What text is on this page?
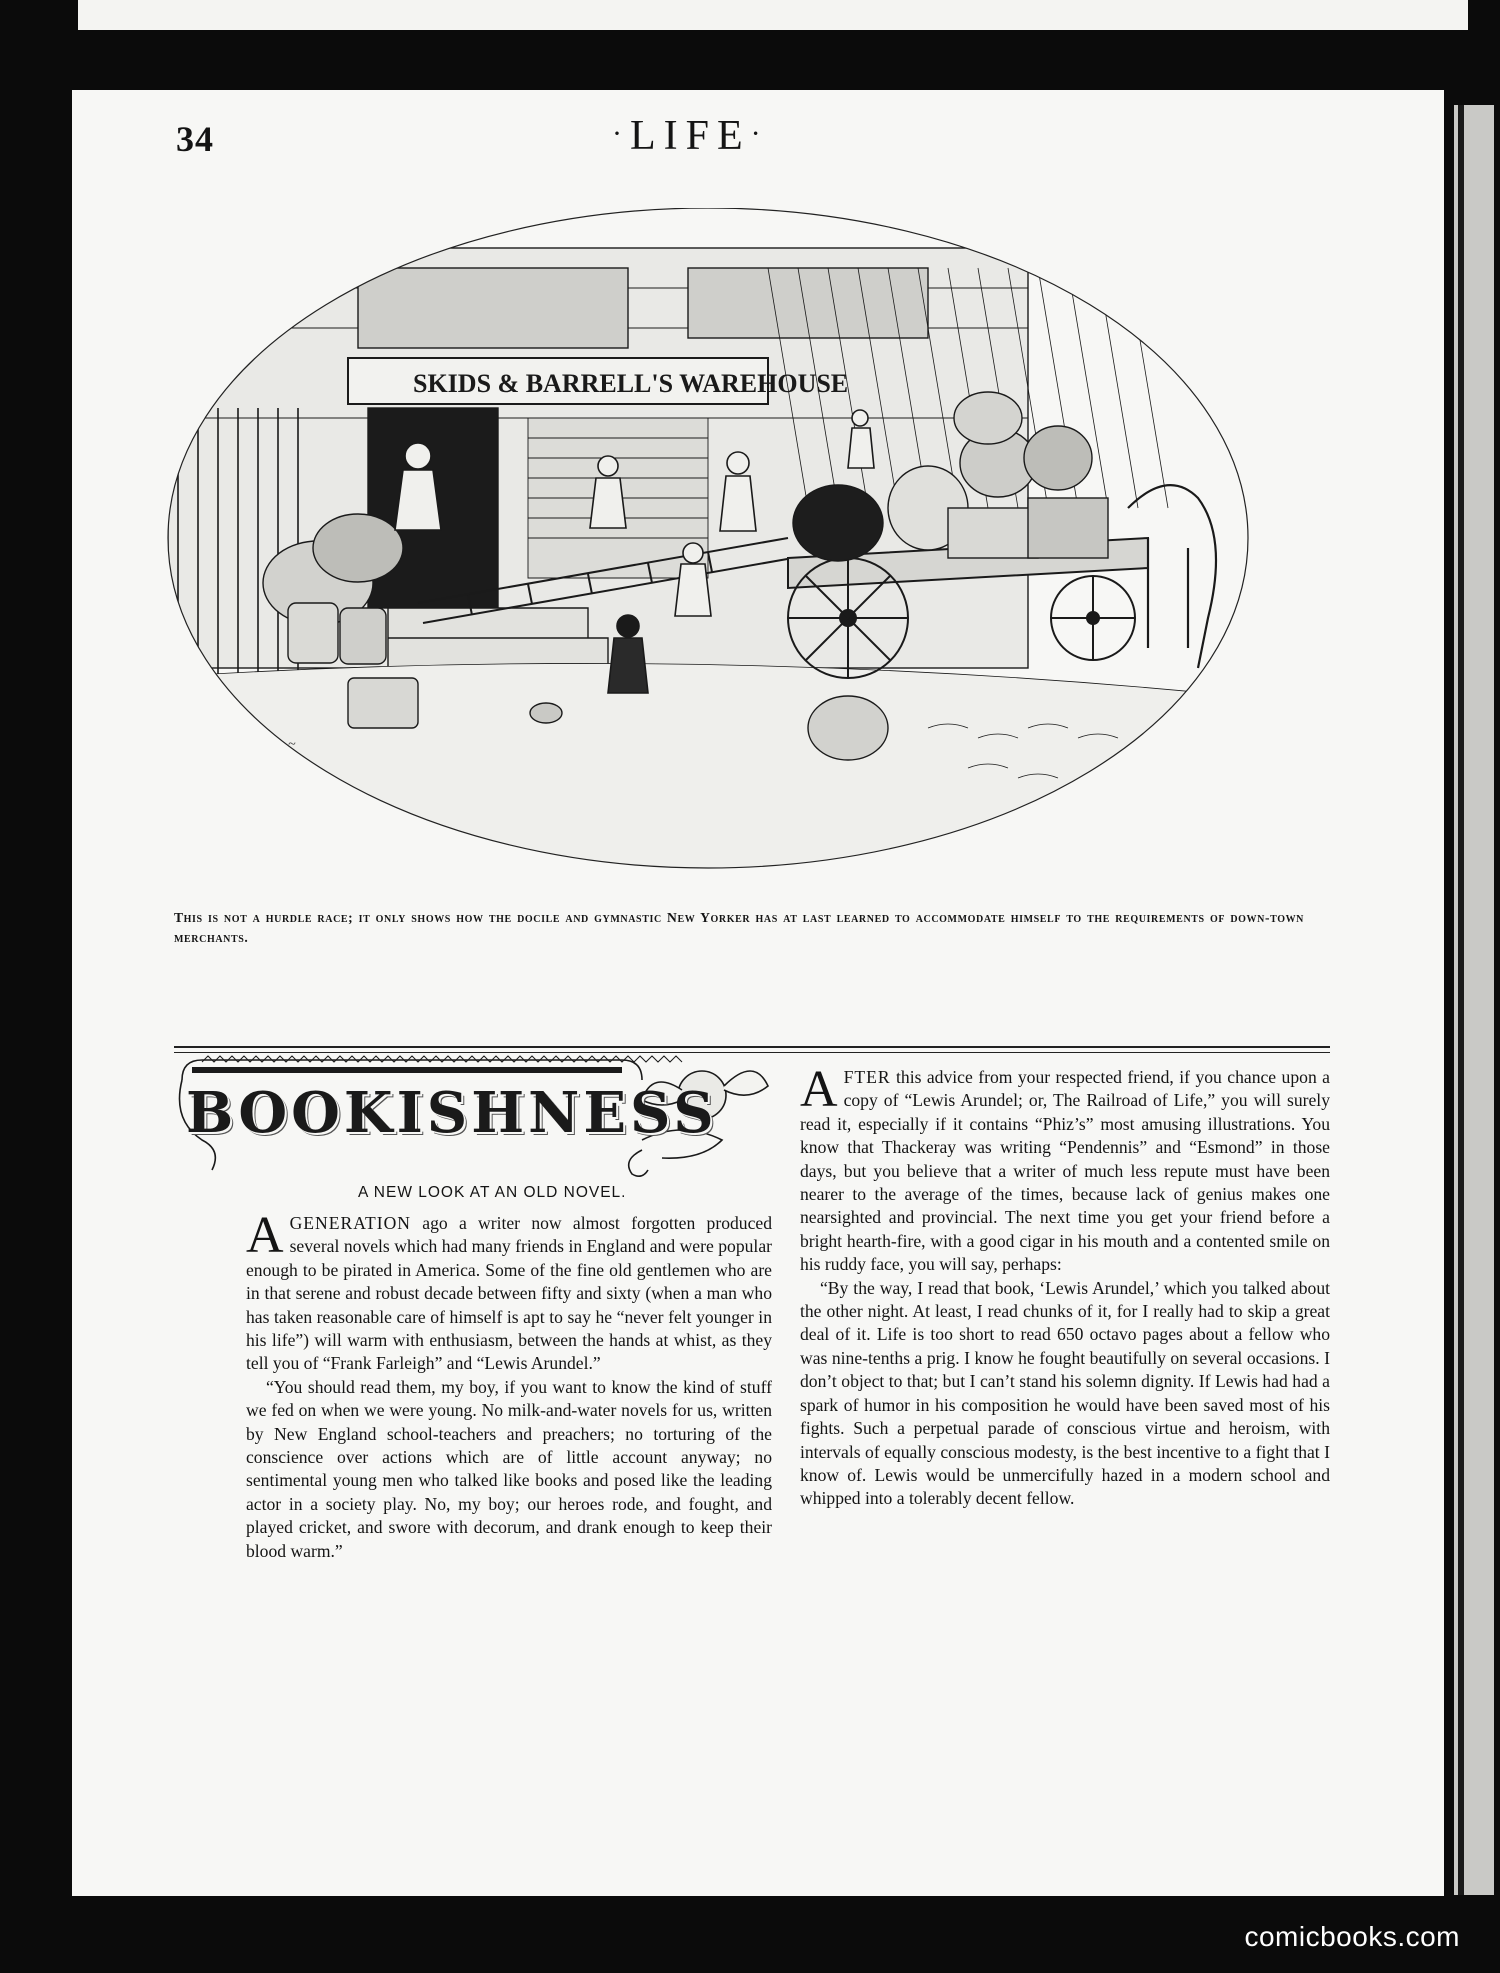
34	·LIFE·
SKIDS & BARRELL'S WAREHOUSE
~
This is not a hurdle race; it only shows how the docile and gymnastic New Yorker has at last learned to accommodate himself to the requirements of down-town merchants.
BOOKISHNESS
A NEW LOOK AT AN OLD NOVEL.

AGENERATION ago a writer now almost forgotten produced several novels which had many friends in England and were popular enough to be pirated in America. Some of the fine old gentlemen who are in that serene and robust decade between fifty and sixty (when a man who has taken reasonable care of himself is apt to say he “never felt younger in his life”) will warm with enthusiasm, between the hands at whist, as they tell you of “Frank Farleigh” and “Lewis Arundel.”

“You should read them, my boy, if you want to know the kind of stuff we fed on when we were young. No milk-and-water novels for us, written by New England school-teachers and preachers; no torturing of the conscience over actions which are of little account anyway; no sentimental young men who talked like books and posed like the leading actor in a society play. No, my boy; our heroes rode, and fought, and played cricket, and swore with decorum, and drank enough to keep their blood warm.”

AFTER this advice from your respected friend, if you chance upon a copy of “Lewis Arundel; or, The Railroad of Life,” you will surely read it, especially if it contains “Phiz’s” most amusing illustrations. You know that Thackeray was writing “Pendennis” and “Esmond” in those days, but you believe that a writer of much less repute must have been nearer to the average of the times, because lack of genius makes one nearsighted and provincial. The next time you get your friend before a bright hearth-fire, with a good cigar in his mouth and a contented smile on his ruddy face, you will say, perhaps:

“By the way, I read that book, ‘Lewis Arundel,’ which you talked about the other night. At least, I read chunks of it, for I really had to skip a great deal of it. Life is too short to read 650 octavo pages about a fellow who was nine-tenths a prig. I know he fought beautifully on several occasions. I don’t object to that; but I can’t stand his solemn dignity. If Lewis had had a spark of humor in his composition he would have been saved most of his fights. Such a perpetual parade of conscious virtue and heroism, with intervals of equally conscious modesty, is the best incentive to a fight that I know of. Lewis would be unmercifully hazed in a modern school and whipped into a tolerably decent fellow.

comicbooks.com
